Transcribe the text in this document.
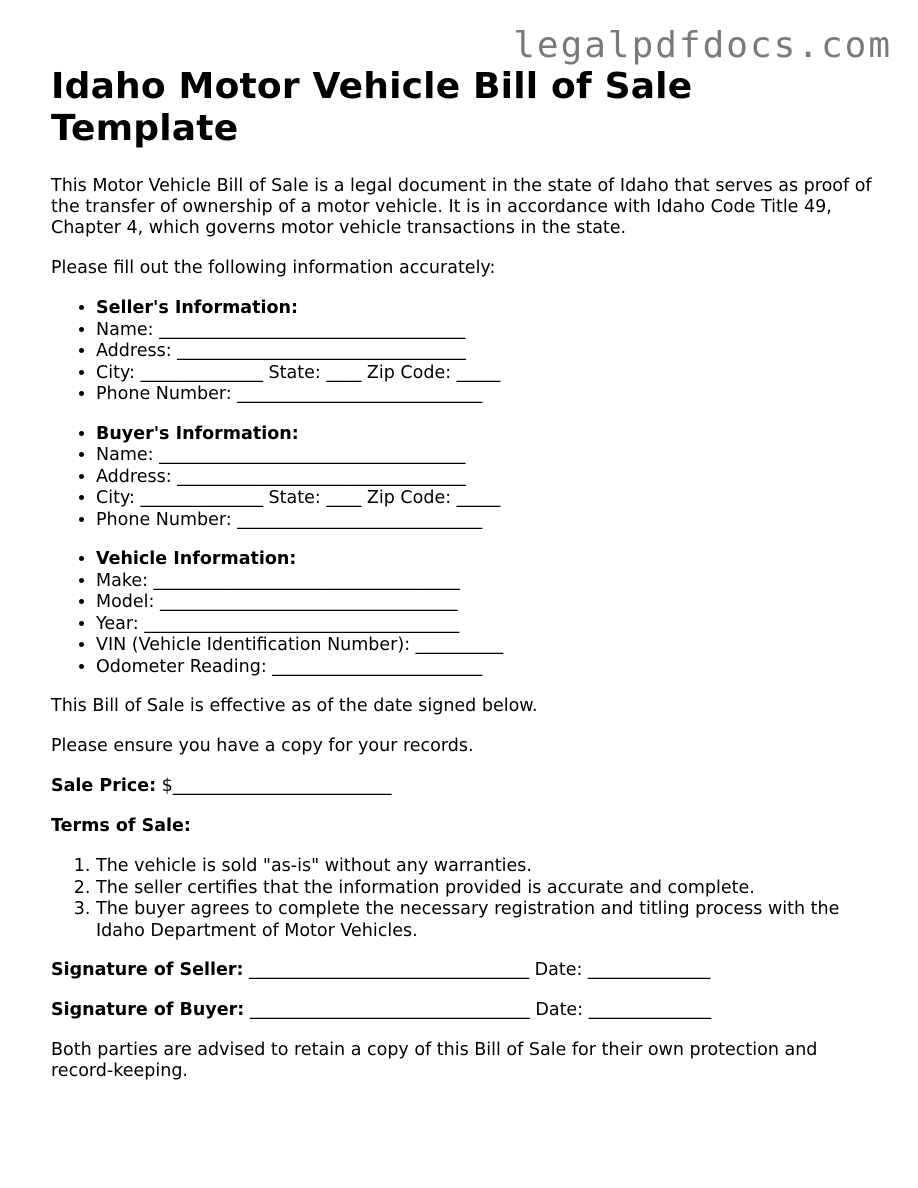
legalpdfdocs.com
Idaho Motor Vehicle Bill of Sale Template

This Motor Vehicle Bill of Sale is a legal document in the state of Idaho that serves as proof of the transfer of ownership of a motor vehicle. It is in accordance with Idaho Code Title 49, Chapter 4, which governs motor vehicle transactions in the state.

Please fill out the following information accurately:

• Seller's Information:
• Name: ___________________________________
• Address: _________________________________
• City: ______________ State: ____ Zip Code: _____
• Phone Number: ____________________________
• Buyer's Information:
• Name: ___________________________________
• Address: _________________________________
• City: ______________ State: ____ Zip Code: _____
• Phone Number: ____________________________
• Vehicle Information:
• Make: ___________________________________
• Model: __________________________________
• Year: ____________________________________
• VIN (Vehicle Identification Number): __________
• Odometer Reading: ________________________

This Bill of Sale is effective as of the date signed below.

Please ensure you have a copy for your records.

Sale Price: $_________________________

Terms of Sale:

1. The vehicle is sold "as-is" without any warranties.
2. The seller certifies that the information provided is accurate and complete.
3. The buyer agrees to complete the necessary registration and titling process with the Idaho Department of Motor Vehicles.

Signature of Seller: ________________________________ Date: ______________

Signature of Buyer: ________________________________ Date: ______________

Both parties are advised to retain a copy of this Bill of Sale for their own protection and record-keeping.
